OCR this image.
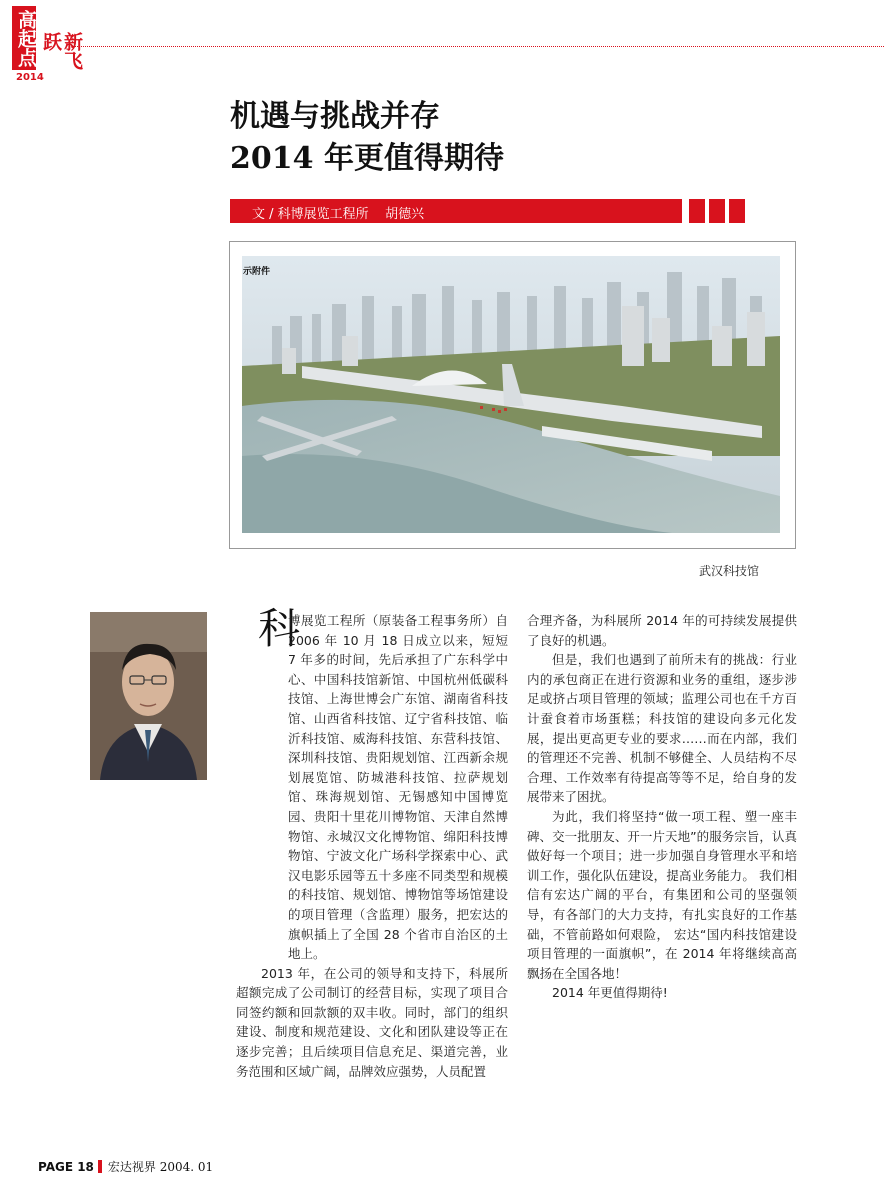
高起点	新飞跃
2014
机遇与挑战并存
2014 年更值得期待
文 / 科博展览工程所    胡德兴
示附件
武汉科技馆
科

博展览工程所（原装备工程事务所）自 2006 年 10 月 18 日成立以来，短短 7 年多的时间，先后承担了广东科学中心、中国科技馆新馆、中国杭州低碳科技馆、上海世博会广东馆、湖南省科技馆、山西省科技馆、辽宁省科技馆、临沂科技馆、威海科技馆、东营科技馆、深圳科技馆、贵阳规划馆、江西新余规划展览馆、防城港科技馆、拉萨规划馆、珠海规划馆、无锡感知中国博览园、贵阳十里花川博物馆、天津自然博物馆、永城汉文化博物馆、绵阳科技博物馆、宁波文化广场科学探索中心、武汉电影乐园等五十多座不同类型和规模的科技馆、规划馆、博物馆等场馆建设的项目管理（含监理）服务，把宏达的旗帜插上了全国 28 个省市自治区的土地上。

2013 年，在公司的领导和支持下，科展所超额完成了公司制订的经营目标，实现了项目合同签约额和回款额的双丰收。同时，部门的组织建设、制度和规范建设、文化和团队建设等正在逐步完善；且后续项目信息充足、渠道完善，业务范围和区域广阔，品牌效应强势，人员配置

合理齐备，为科展所 2014 年的可持续发展提供了良好的机遇。

但是，我们也遇到了前所未有的挑战：行业内的承包商正在进行资源和业务的重组，逐步涉足或挤占项目管理的领域；监理公司也在千方百计蚕食着市场蛋糕；科技馆的建设向多元化发展，提出更高更专业的要求……而在内部，我们的管理还不完善、机制不够健全、人员结构不尽合理、工作效率有待提高等等不足，给自身的发展带来了困扰。

为此，我们将坚持“做一项工程、塑一座丰碑、交一批朋友、开一片天地”的服务宗旨，认真做好每一个项目；进一步加强自身管理水平和培训工作，强化队伍建设，提高业务能力。 我们相信有宏达广阔的平台，有集团和公司的坚强领导，有各部门的大力支持，有扎实良好的工作基础，不管前路如何艰险， 宏达“国内科技馆建设项目管理的一面旗帜”，在 2014 年将继续高高飘扬在全国各地！

2014 年更值得期待!

PAGE 18 宏达视界 2004. 01
